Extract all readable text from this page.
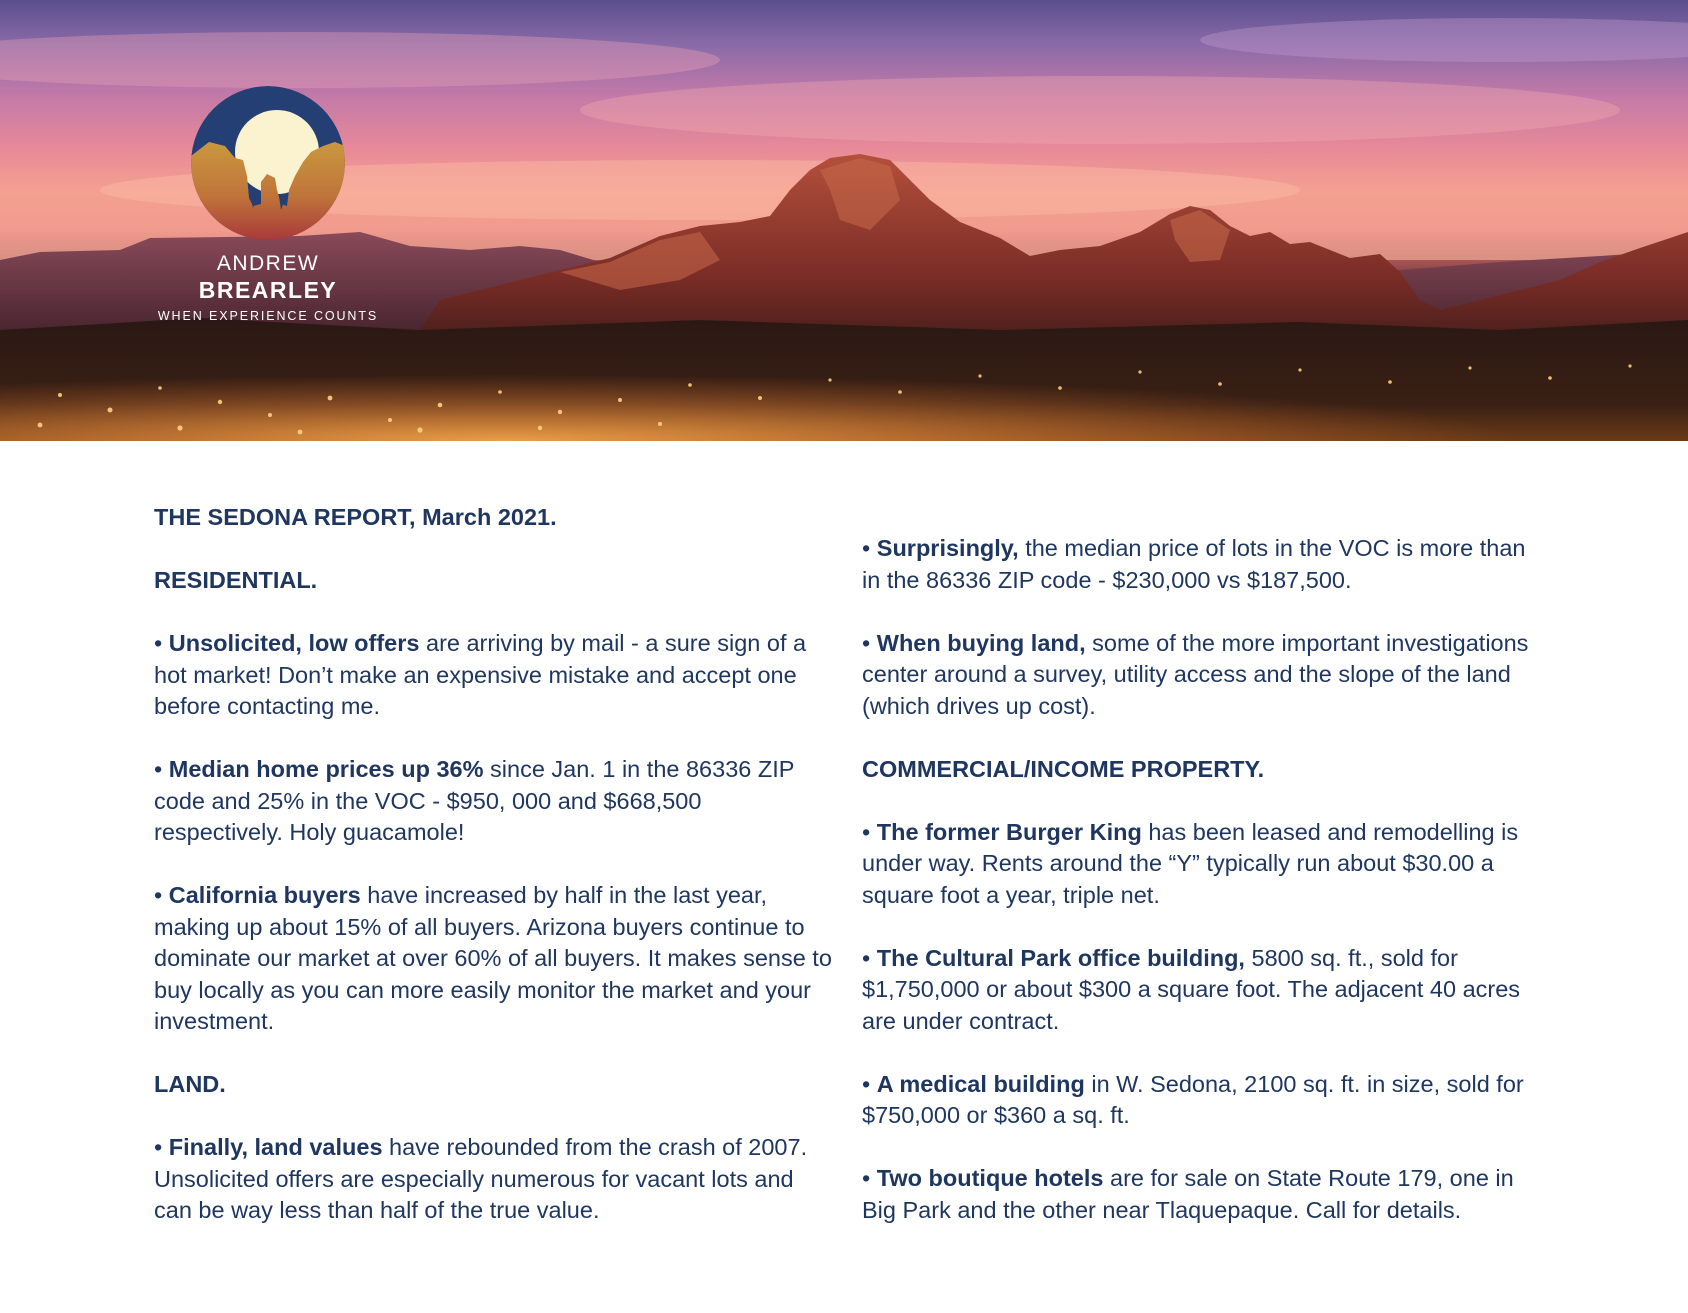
ANDREW
BREARLEY
WHEN EXPERIENCE COUNTS

THE SEDONA REPORT, March 2021.

RESIDENTIAL.

• Unsolicited, low offers are arriving by mail - a sure sign of a hot market! Don’t make an expensive mistake and accept one before contacting me.

• Median home prices up 36% since Jan. 1 in the 86336 ZIP code and 25% in the VOC - $950, 000 and $668,500 respectively. Holy guacamole!

• California buyers have increased by half in the last year, making up about 15% of all buyers. Arizona buyers continue to dominate our market at over 60% of all buyers. It makes sense to buy locally as you can more easily monitor the market and your investment.

LAND.

• Finally, land values have rebounded from the crash of 2007. Unsolicited offers are especially numerous for vacant lots and can be way less than half of the true value.

• Surprisingly, the median price of lots in the VOC is more than in the 86336 ZIP code - $230,000 vs $187,500.

• When buying land, some of the more important investigations center around a survey, utility access and the slope of the land (which drives up cost).

COMMERCIAL/INCOME PROPERTY.

• The former Burger King has been leased and remodelling is under way. Rents around the “Y” typically run about $30.00 a square foot a year, triple net.

• The Cultural Park office building, 5800 sq. ft., sold for $1,750,000 or about $300 a square foot. The adjacent 40 acres are under contract.

• A medical building in W. Sedona, 2100 sq. ft. in size, sold for $750,000 or $360 a sq. ft.

• Two boutique hotels are for sale on State Route 179, one in Big Park and the other near Tlaquepaque. Call for details.
